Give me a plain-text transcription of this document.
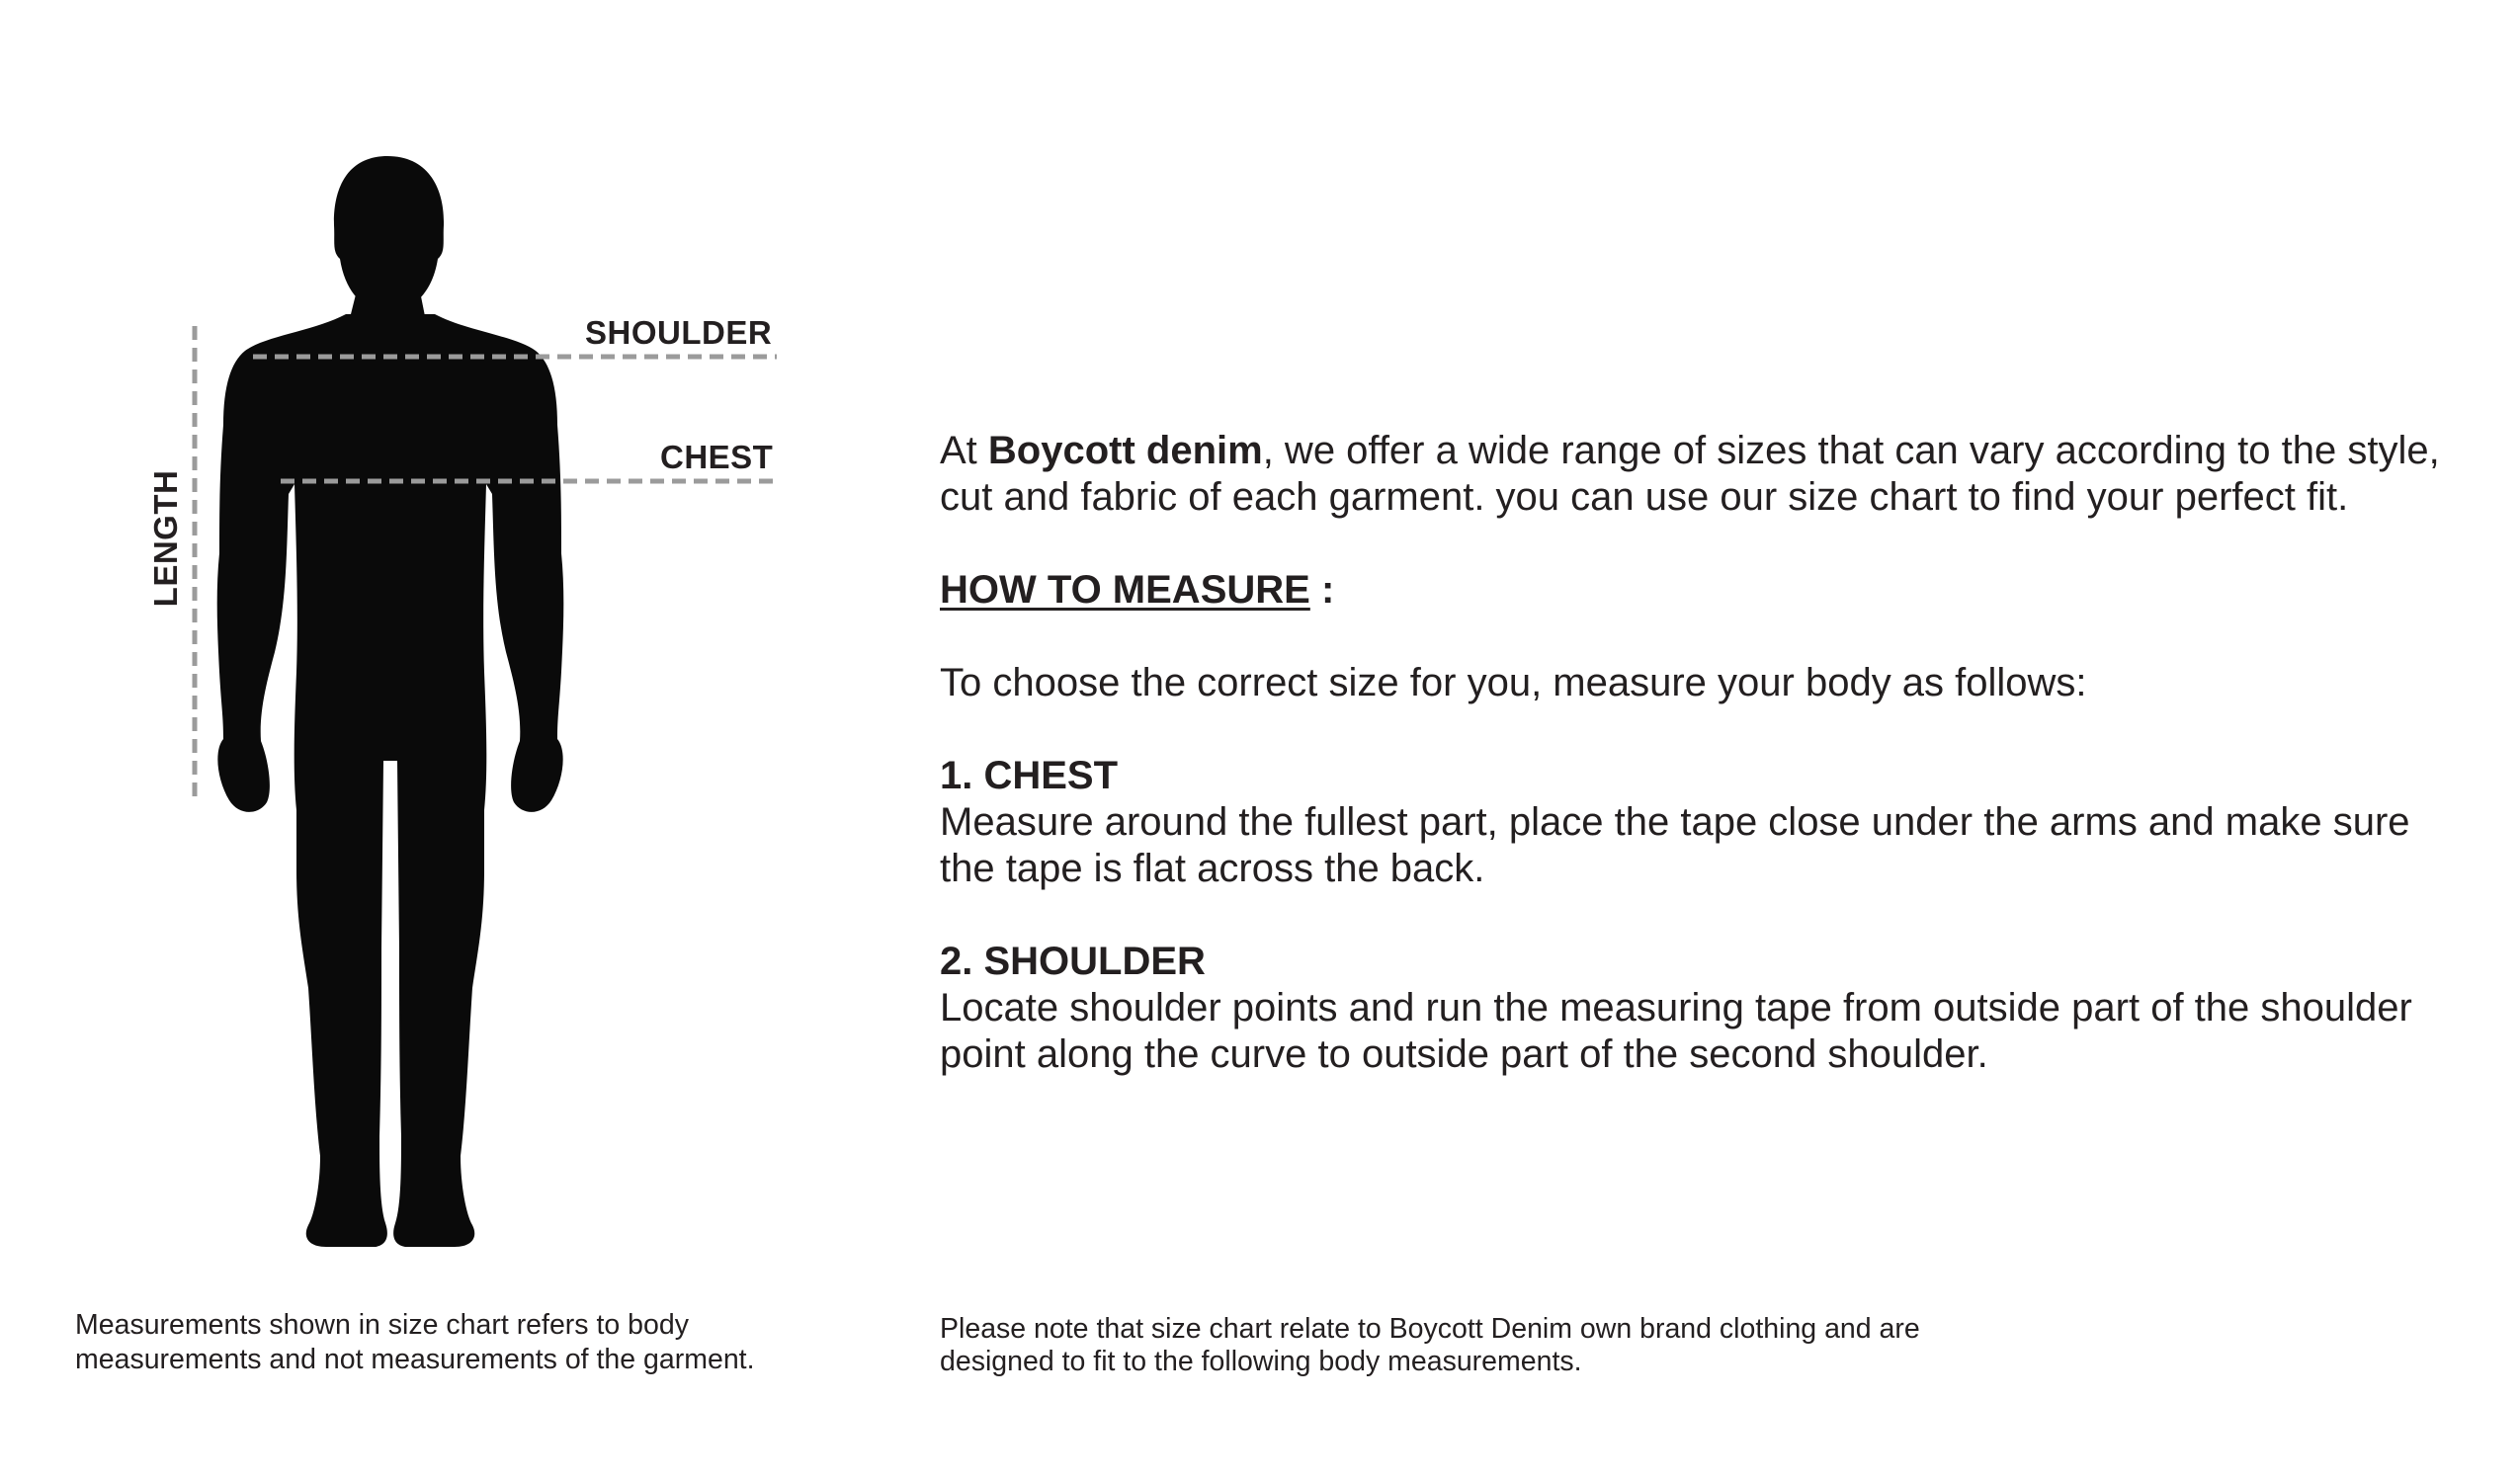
SHOULDER
CHEST
LENGTH
Measurements shown in size chart refers to body measurements and not measurements of the garment.

At Boycott denim, we offer a wide range of sizes that can vary according to the style, cut and fabric of each garment. you can use our size chart to find your perfect fit.

HOW TO MEASURE :

To choose the correct size for you, measure your body as follows:

1. CHEST

Measure around the fullest part, place the tape close under the arms and make sure the tape is flat across the back.

2. SHOULDER

Locate shoulder points and run the measuring tape from outside part of the shoulder point along the curve to outside part of the second shoulder.

Please note that size chart relate to Boycott Denim own brand clothing and are designed to fit to the following body measurements.
